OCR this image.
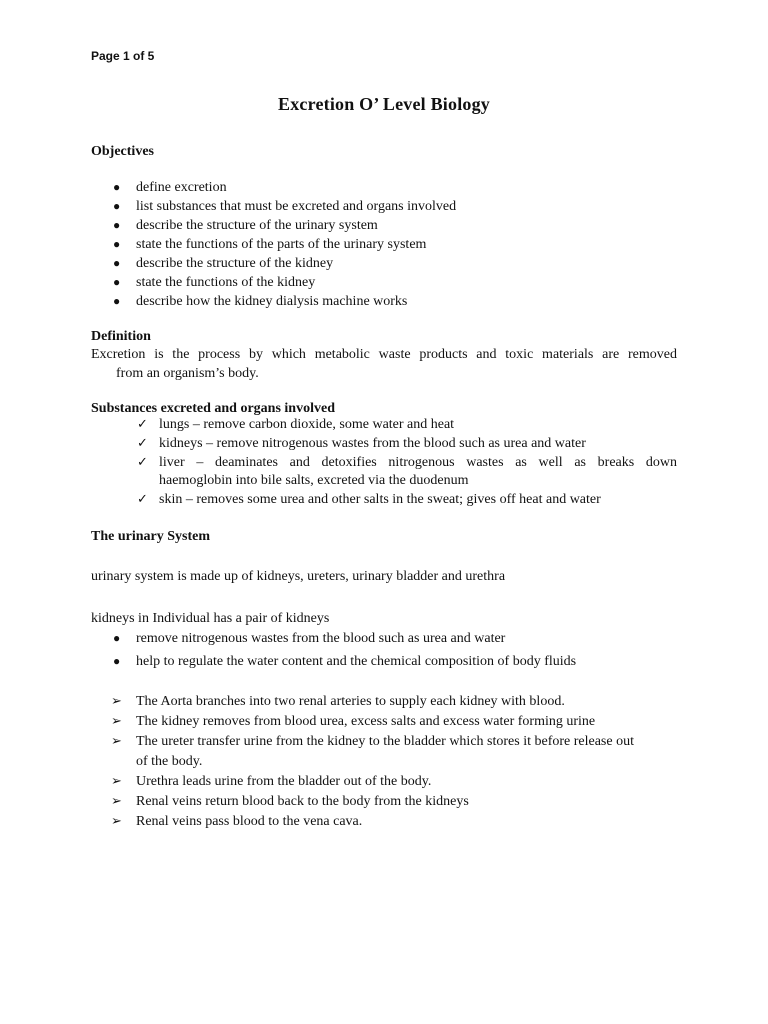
Page 1 of 5
Excretion O’ Level Biology
Objectives
● define excretion
● list substances that must be excreted and organs involved
● describe the structure of the urinary system
● state the functions of the parts of the urinary system
● describe the structure of the kidney
● state the functions of the kidney
● describe how the kidney dialysis machine works
Definition
Excretion is the process by which metabolic waste products and toxic materials are removed
from an organism’s body.
Substances excreted and organs involved
✓ lungs – remove carbon dioxide, some water and heat
✓ kidneys – remove nitrogenous wastes from the blood such as urea and water
✓ liver – deaminates and detoxifies nitrogenous wastes as well as breaks down
haemoglobin into bile salts, excreted via the duodenum
✓ skin – removes some urea and other salts in the sweat; gives off heat and water
The urinary System
urinary system is made up of kidneys, ureters, urinary bladder and urethra
kidneys in Individual has a pair of kidneys
● remove nitrogenous wastes from the blood such as urea and water
● help to regulate the water content and the chemical composition of body fluids
➢ The Aorta branches into two renal arteries to supply each kidney with blood.
➢ The kidney removes from blood urea, excess salts and excess water forming urine
➢ The ureter transfer urine from the kidney to the bladder which stores it before release out
of the body.
➢ Urethra leads urine from the bladder out of the body.
➢ Renal veins return blood back to the body from the kidneys
➢ Renal veins pass blood to the vena cava.
